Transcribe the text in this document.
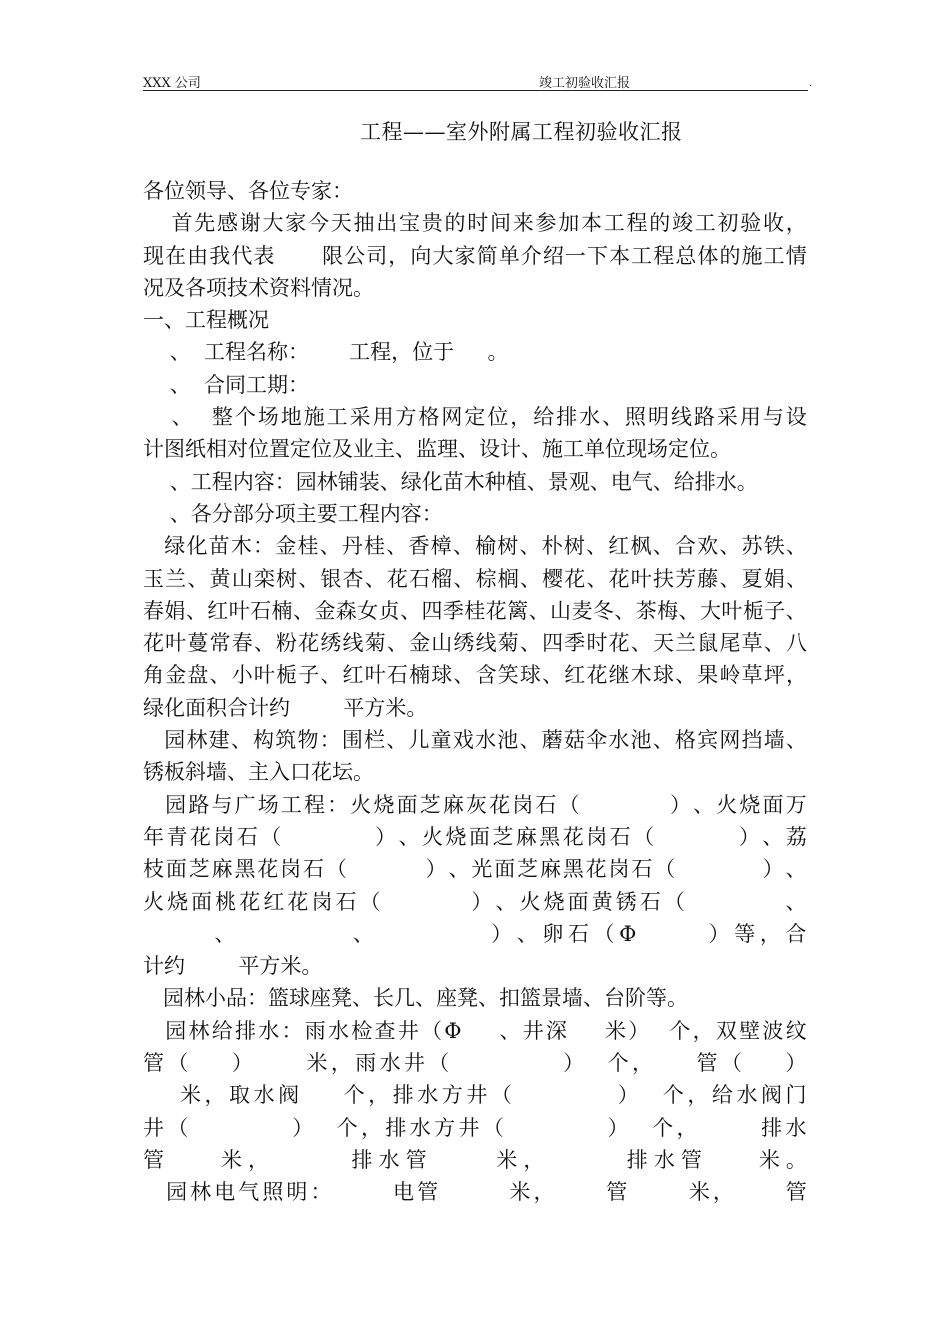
XXX 公司	竣工初验收汇报	.
工程——室外附属工程初验收汇报
各位领导、各位专家：

首 先 感 谢 大 家 今 天 抽 出 宝 贵 的 时 间 来 参 加 本 工 程 的 竣 工 初 验 收 ，
现 在 由 我 代 表

限 公 司 ， 向 大 家 简 单 介 绍 一 下 本 工 程 总 体 的 施 工 情
况及各项技术资料情况。
一、工程概况
、  工程名称：      工程，位于     。
、  合同工期：

、

整 个 场 地 施 工 采 用 方 格 网 定 位 ， 给 排 水 、 照 明 线 路 采 用 与 设
计图纸相对位置定位及业主、监理、设计、施工单位现场定位。
、工程内容：园林铺装、绿化苗木种植、景观、电气、给排水。
、各分部分项主要工程内容：

绿 化 苗 木 ： 金 桂 、 丹 桂 、 香 樟 、 榆 树 、 朴 树 、 红 枫 、 合 欢 、 苏 铁 、
玉 兰 、 黄 山 栾 树 、 银 杏 、 花 石 榴 、 棕 榈 、 樱 花 、 花 叶 扶 芳 藤 、 夏 娟 、
春 娟 、 红 叶 石 楠 、 金 森 女 贞 、 四 季 桂 花 篱 、 山 麦 冬 、 茶 梅 、 大 叶 栀 子 、
花 叶 蔓 常 春 、 粉 花 绣 线 菊 、 金 山 绣 线 菊 、 四 季 时 花 、 天 兰 鼠 尾 草 、 八
角 金 盘 、 小 叶 栀 子 、 红 叶 石 楠 球 、 含 笑 球 、 红 花 继 木 球 、 果 岭 草 坪 ，
绿化面积合计约        平方米。

园 林 建 、 构 筑 物 ： 围 栏 、 儿 童 戏 水 池 、 蘑 菇 伞 水 池 、 格 宾 网 挡 墙 、
锈板斜墙、主入口花坛。

园 路 与 广 场 工 程 ： 火 烧 面 芝 麻 灰 花 岗 石 （

	） 、 火 烧 面 万
年 青 花 岗 石 （

	） 、 火 烧 面 芝 麻 黑 花 岗 石 （

	） 、 荔
枝 面 芝 麻 黑 花 岗 石 （

	） 、 光 面 芝 麻 黑 花 岗 石 （

	） 、
火 烧 面 桃 花 红 花 岗 石 （

	） 、 火 烧 面 黄 锈 石 （

	、

、

	、

	） 、 卵 石 （ Φ

	） 等 ， 合
计约        平方米。
园林小品：篮球座凳、长几、座凳、扣篮景墙、台阶等。

园 林 给 排 水 ： 雨 水 检 查 井 （ Φ

、 井 深

米 ）

个 ， 双 壁 波 纹
管 （

）

	米 ， 雨 水 井 （

	）

个 ，

管 （

）

米 ， 取 水 阀

个 ， 排 水 方 井 （

	）

个 ， 给 水 阀 门
井 （

	）

个 ， 排 水 方 井 （

	）

个 ，

	排 水
管

	米 ，

	排 水 管

	米 ，

	排 水 管

	米 。

园 林 电 气 照 明 ：

	电 管

	米 ，

管

	米 ，

管
